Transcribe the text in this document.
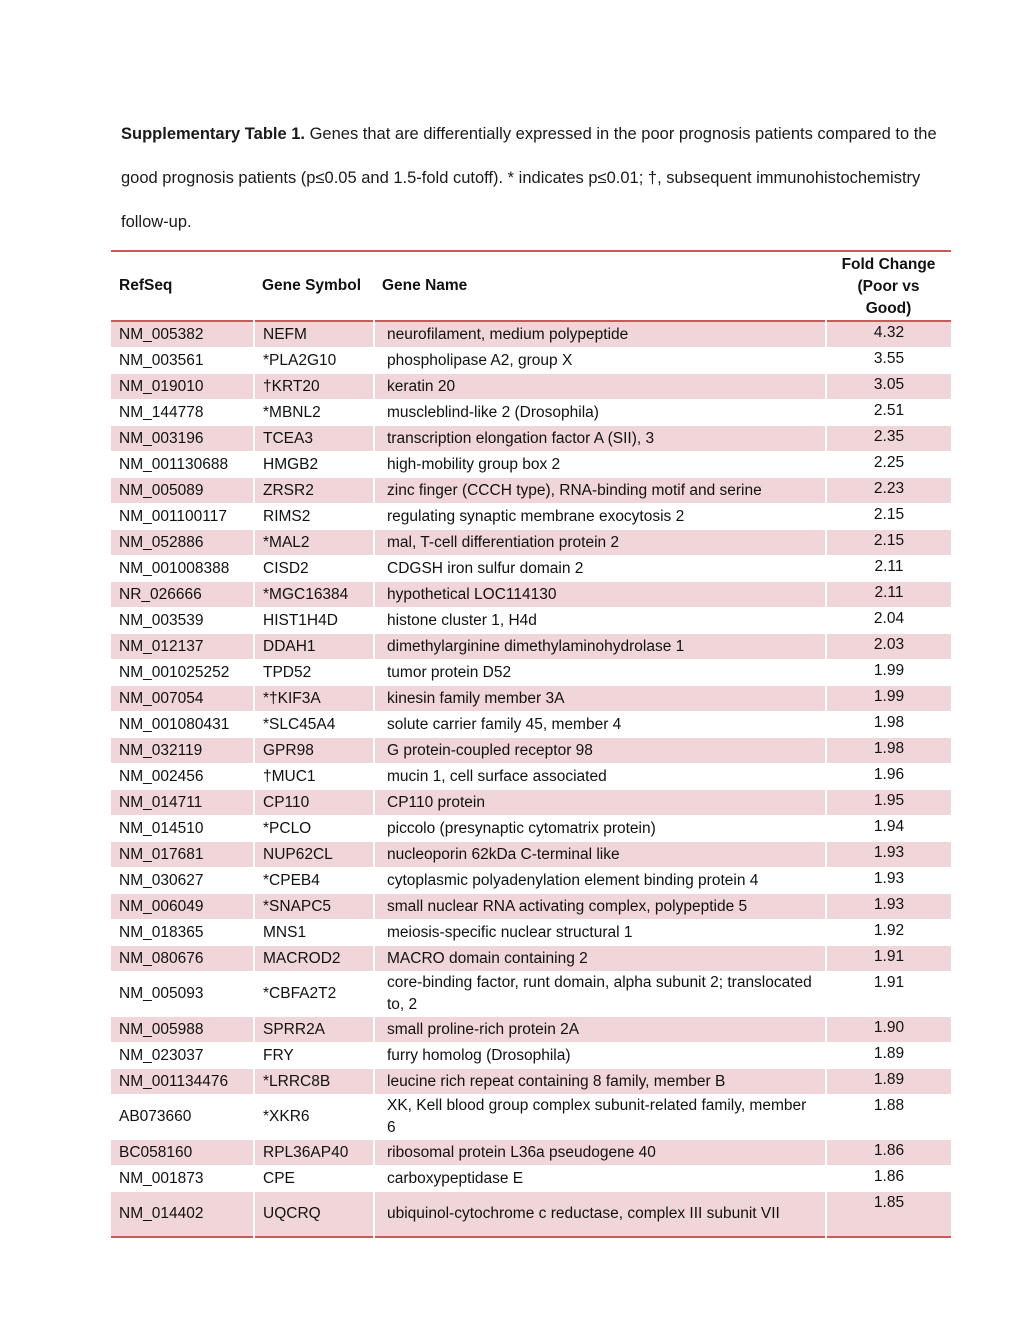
Supplementary Table 1. Genes that are differentially expressed in the poor prognosis patients compared to the good prognosis patients (p≤0.05 and 1.5-fold cutoff). * indicates p≤0.01; †, subsequent immunohistochemistry follow-up.
RefSeq	Gene Symbol	Gene Name	Fold Change
(Poor vs Good)
NM_005382	NEFM	neurofilament, medium polypeptide	4.32
NM_003561	*PLA2G10	phospholipase A2, group X	3.55
NM_019010	†KRT20	keratin 20	3.05
NM_144778	*MBNL2	muscleblind-like 2 (Drosophila)	2.51
NM_003196	TCEA3	transcription elongation factor A (SII), 3	2.35
NM_001130688	HMGB2	high-mobility group box 2	2.25
NM_005089	ZRSR2	zinc finger (CCCH type), RNA-binding motif and serine	2.23
NM_001100117	RIMS2	regulating synaptic membrane exocytosis 2	2.15
NM_052886	*MAL2	mal, T-cell differentiation protein 2	2.15
NM_001008388	CISD2	CDGSH iron sulfur domain 2	2.11
NR_026666	*MGC16384	hypothetical LOC114130	2.11
NM_003539	HIST1H4D	histone cluster 1, H4d	2.04
NM_012137	DDAH1	dimethylarginine dimethylaminohydrolase 1	2.03
NM_001025252	TPD52	tumor protein D52	1.99
NM_007054	*†KIF3A	kinesin family member 3A	1.99
NM_001080431	*SLC45A4	solute carrier family 45, member 4	1.98
NM_032119	GPR98	G protein-coupled receptor 98	1.98
NM_002456	†MUC1	mucin 1, cell surface associated	1.96
NM_014711	CP110	CP110 protein	1.95
NM_014510	*PCLO	piccolo (presynaptic cytomatrix protein)	1.94
NM_017681	NUP62CL	nucleoporin 62kDa C-terminal like	1.93
NM_030627	*CPEB4	cytoplasmic polyadenylation element binding protein 4	1.93
NM_006049	*SNAPC5	small nuclear RNA activating complex, polypeptide 5	1.93
NM_018365	MNS1	meiosis-specific nuclear structural 1	1.92
NM_080676	MACROD2	MACRO domain containing 2	1.91
NM_005093	*CBFA2T2	core-binding factor, runt domain, alpha subunit 2; translocated to, 2	1.91
NM_005988	SPRR2A	small proline-rich protein 2A	1.90
NM_023037	FRY	furry homolog (Drosophila)	1.89
NM_001134476	*LRRC8B	leucine rich repeat containing 8 family, member B	1.89
AB073660	*XKR6	XK, Kell blood group complex subunit-related family, member 6	1.88
BC058160	RPL36AP40	ribosomal protein L36a pseudogene 40	1.86
NM_001873	CPE	carboxypeptidase E	1.86
NM_014402	UQCRQ	ubiquinol-cytochrome c reductase, complex III subunit VII	1.85
